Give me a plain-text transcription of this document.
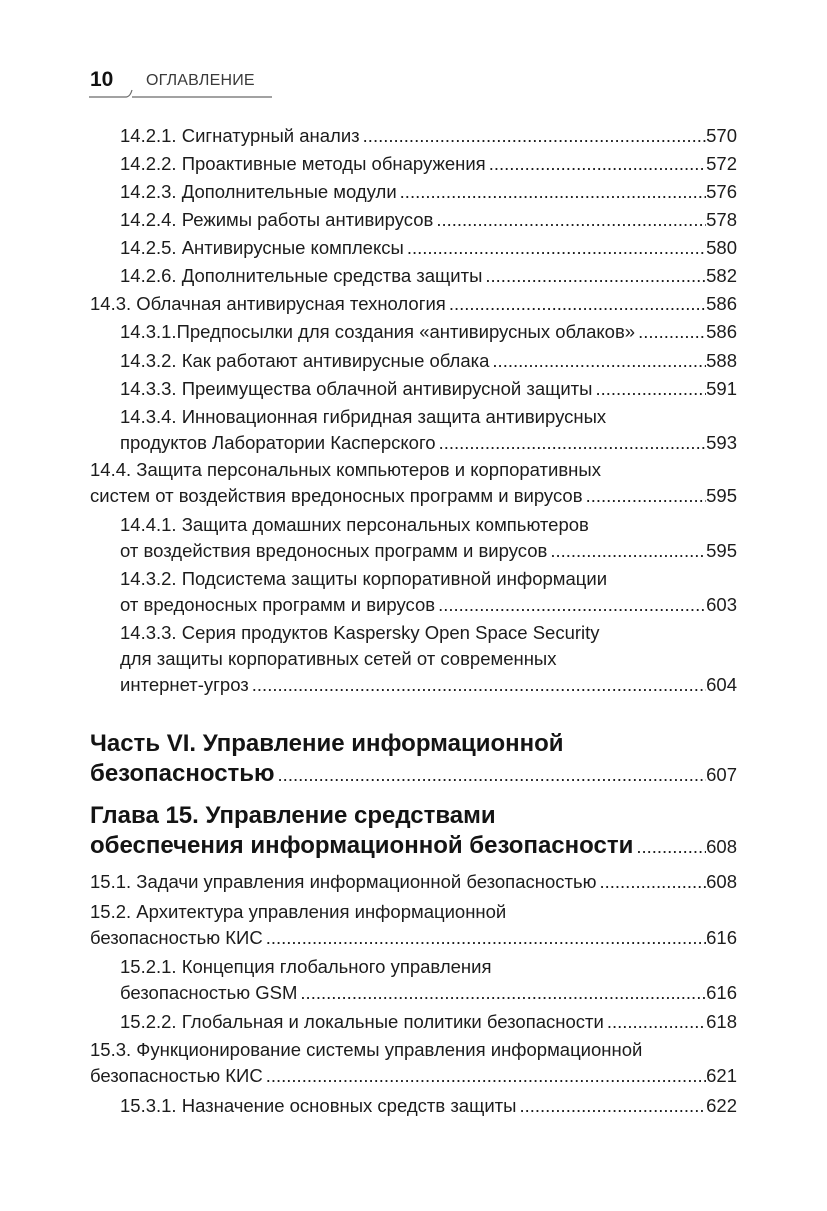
10 ОГЛАВЛЕНИЕ
14.2.1. Сигнатурный анализ .....	570
14.2.2. Проактивные методы обнаружения .....	572
14.2.3. Дополнительные модули .....	576
14.2.4. Режимы работы антивирусов .....	578
14.2.5. Антивирусные комплексы .....	580
14.2.6. Дополнительные средства защиты .....	582
14.3. Облачная антивирусная технология .....	586
14.3.1.Предпосылки для создания «антивирусных облаков» .....	586
14.3.2. Как работают антивирусные облака .....	588
14.3.3. Преимущества облачной антивирусной защиты .....	591
14.3.4. Инновационная гибридная защита антивирусных
продуктов Лаборатории Касперского .....	593
14.4. Защита персональных компьютеров и корпоративных
систем от воздействия вредоносных программ и вирусов .....	595
14.4.1. Защита домашних персональных компьютеров
от воздействия вредоносных программ и вирусов .....	595
14.3.2. Подсистема защиты корпоративной информации
от вредоносных программ и вирусов .....	603
14.3.3. Серия продуктов Kaspersky Open Space Security
для защиты корпоративных сетей от современных
интернет-угроз .....	604
Часть VI. Управление информационной
безопасностью .....	607
Глава 15. Управление средствами
обеспечения информационной безопасности .....	608
15.1. Задачи управления информационной безопасностью .....	608
15.2. Архитектура управления информационной
безопасностью КИС .....	616
15.2.1. Концепция глобального управления
безопасностью GSM .....	616
15.2.2. Глобальная и локальные политики безопасности .....	618
15.3. Функционирование системы управления информационной
безопасностью КИС .....	621
15.3.1. Назначение основных средств защиты .....	622
